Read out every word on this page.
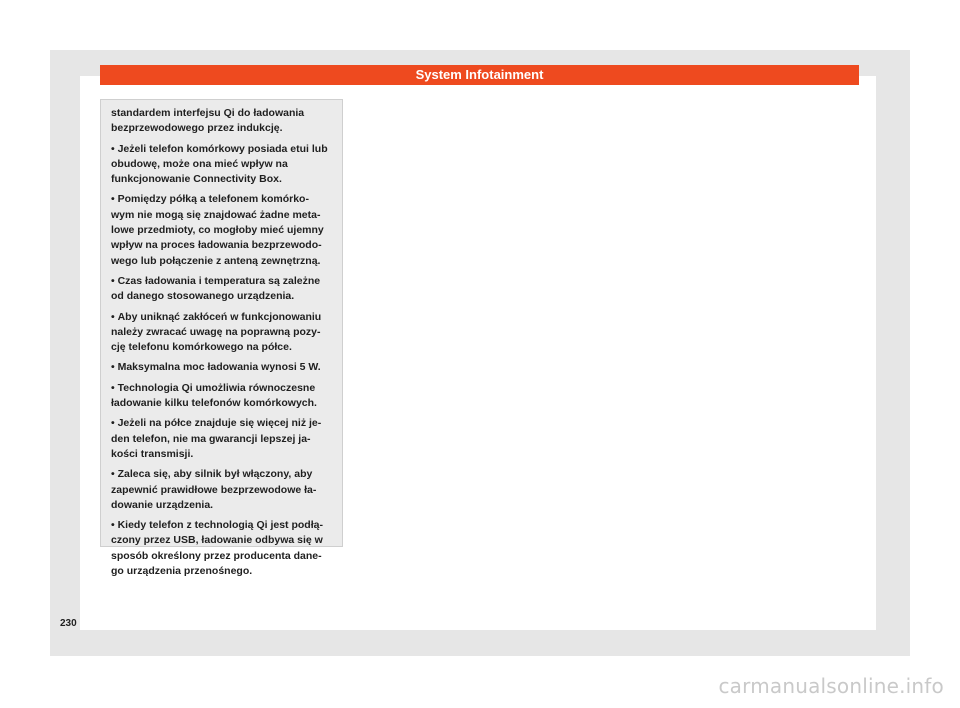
System Infotainment

standardem interfejsu Qi do ładowania bezprzewodowego przez indukcję.

• Jeżeli telefon komórkowy posiada etui lub obudowę, może ona mieć wpływ na funkcjonowanie Connectivity Box.

• Pomiędzy półką a telefonem komórko-wym nie mogą się znajdować żadne meta-lowe przedmioty, co mogłoby mieć ujemny wpływ na proces ładowania bezprzewodo-wego lub połączenie z anteną zewnętrzną.

• Czas ładowania i temperatura są zależne od danego stosowanego urządzenia.

• Aby uniknąć zakłóceń w funkcjonowaniu należy zwracać uwagę na poprawną pozy-cję telefonu komórkowego na półce.

• Maksymalna moc ładowania wynosi 5 W.

• Technologia Qi umożliwia równoczesne ładowanie kilku telefonów komórkowych.

• Jeżeli na półce znajduje się więcej niż je-den telefon, nie ma gwarancji lepszej ja-kości transmisji.

• Zaleca się, aby silnik był włączony, aby zapewnić prawidłowe bezprzewodowe ła-dowanie urządzenia.

• Kiedy telefon z technologią Qi jest podłą-czony przez USB, ładowanie odbywa się w sposób określony przez producenta dane-go urządzenia przenośnego.

230
carmanualsonline.info
